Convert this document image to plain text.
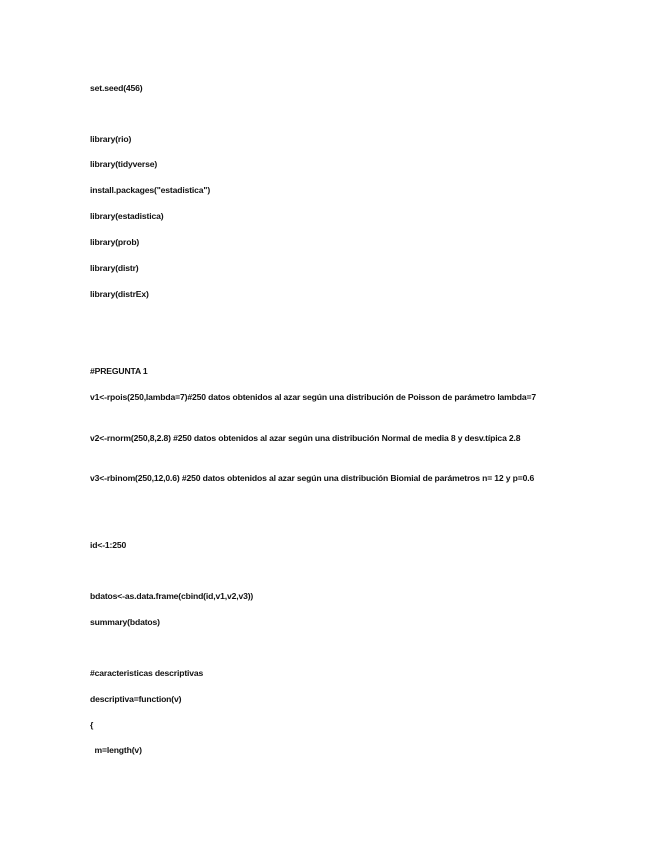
set.seed(456)
library(rio)
library(tidyverse)
install.packages("estadistica")
library(estadistica)
library(prob)
library(distr)
library(distrEx)
#PREGUNTA 1
v1<-rpois(250,lambda=7)#250 datos obtenidos al azar según una distribución de Poisson de parámetro lambda=7
v2<-rnorm(250,8,2.8) #250 datos obtenidos al azar según una distribución Normal de media 8 y desv.típica 2.8
v3<-rbinom(250,12,0.6) #250 datos obtenidos al azar según una distribución Biomial de parámetros n= 12 y p=0.6
id<-1:250
bdatos<-as.data.frame(cbind(id,v1,v2,v3))
summary(bdatos)
#caracteristicas descriptivas
descriptiva=function(v)
{
m=length(v)
